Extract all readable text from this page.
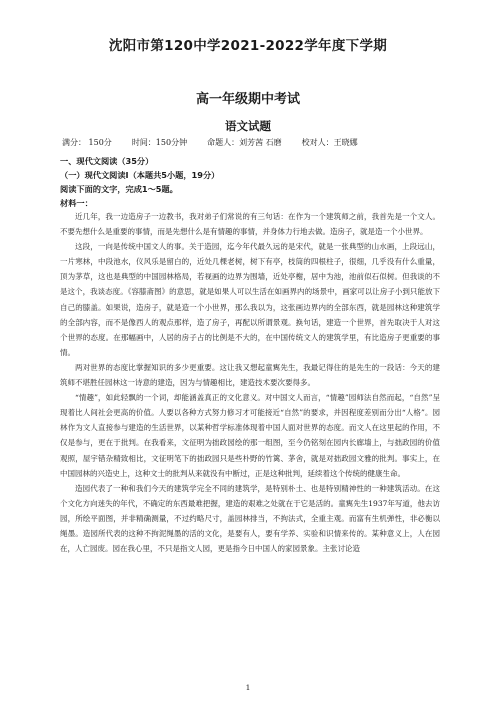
沈阳市第120中学2021-2022学年度下学期
高一年级期中考试
语文试题
满分： 150分	时间：150分钟	命题人：刘芳茜 石磨	校对人：王晓娜
一、现代文阅读（35分）
（一）现代文阅读Ⅰ（本题共5小题，19分）
阅读下面的文字，完成1～5题。
材料一：

近几年，我一边造房子一边教书，我对弟子们常说的有三句话：在作为一个建筑师之前，我首先是一个文人。不要先想什么是重要的事情，而是先想什么是有情趣的事情，并身体力行地去做。造房子，就是造一个小世界。

这段，一向是传统中国文人的事。关于造园，迄今年代最久远的是宋代，就是一张典型的山水画，上段远山，一片寒林，中段池水，仪风乐是留白的，近处几棵老树，树下有亭，枝筒的四根柱子，很细，几乎没有什么重量，顶为茅草，这也是典型的中国园林格局，若视画的边界为围墙，近处亭榭，居中为池，池前似石似树。但我谈的不是这个，我谈态度。《容膝斋图》的意思，就是如果人可以生活在如画界内的场景中，画家可以让房子小到只能放下自己的膝盖。如果说，造房子，就是造一个小世界，那么我以为，这张画边界内的全部东西，就是园林这种建筑学的全部内容，而不是像西人的观点那样，造了房子，再配以所谓景观。换句话，建造一个世界，首先取决于人对这个世界的态度。在那幅画中，人居的房子占的比例是不大的，在中国传统文人的建筑学里，有比造房子更重要的事情。

两对世界的态度比掌握知识的多少更重要。这让我又想起童寯先生，我最记得住的是先生的一段话：今天的建筑师不堪胜任园林这一诗意的建造，因为与情趣相比，建造技术要次要得多。

“情趣”，如此轻飘的一个词，却能涵盖真正的文化意义。对中国文人而言，“情趣”园师法自然而起，“自然”呈现着比人间社会更高的价值。人要以各种方式努力修习才可能接近“自然”的要求，并因程度差别而分出“人格”。园林作为文人直接参与建造的生活世界，以某种哲学标准体现着中国人面对世界的态度。而文人在这里起的作用，不仅是参与，更在于批判。在我看来，文征明为拙政园绘的那一组图，至今仍铭刻在园内长廊墙上，与拙政园的价值观照，屋宇错杂精致相比，文征明笔下的拙政园只是些朴野的竹篱、茅舍，就是对拙政园文雅的批判。事实上，在中国园林的兴造史上，这种文士的批判从来就没有中断过，正是这种批判，延续着这个传统的健康生命。

造园代表了一种和我们今天的建筑学完全不同的建筑学，是特别朴土、也是特别精神性的一种建筑活动。在这个文化方向迷失的年代，不确定的东西最难把握，建造的艰难之处就在于它是活的。童寯先生1937年写道，他去访园，所绘平面图，并非精确测量，不过约略尺寸，盖园林排当，不拘法式，全重主观。而富有生机弹性，非必衡以绳墨。造园所代表的这种不拘泥绳墨的活的文化，是要有人，要有学养、实验和识情来传的。某种意义上，人在园在，人亡园废。园在我心里，不只是指文人园，更是指今日中国人的家园景象。主张讨论造

1
